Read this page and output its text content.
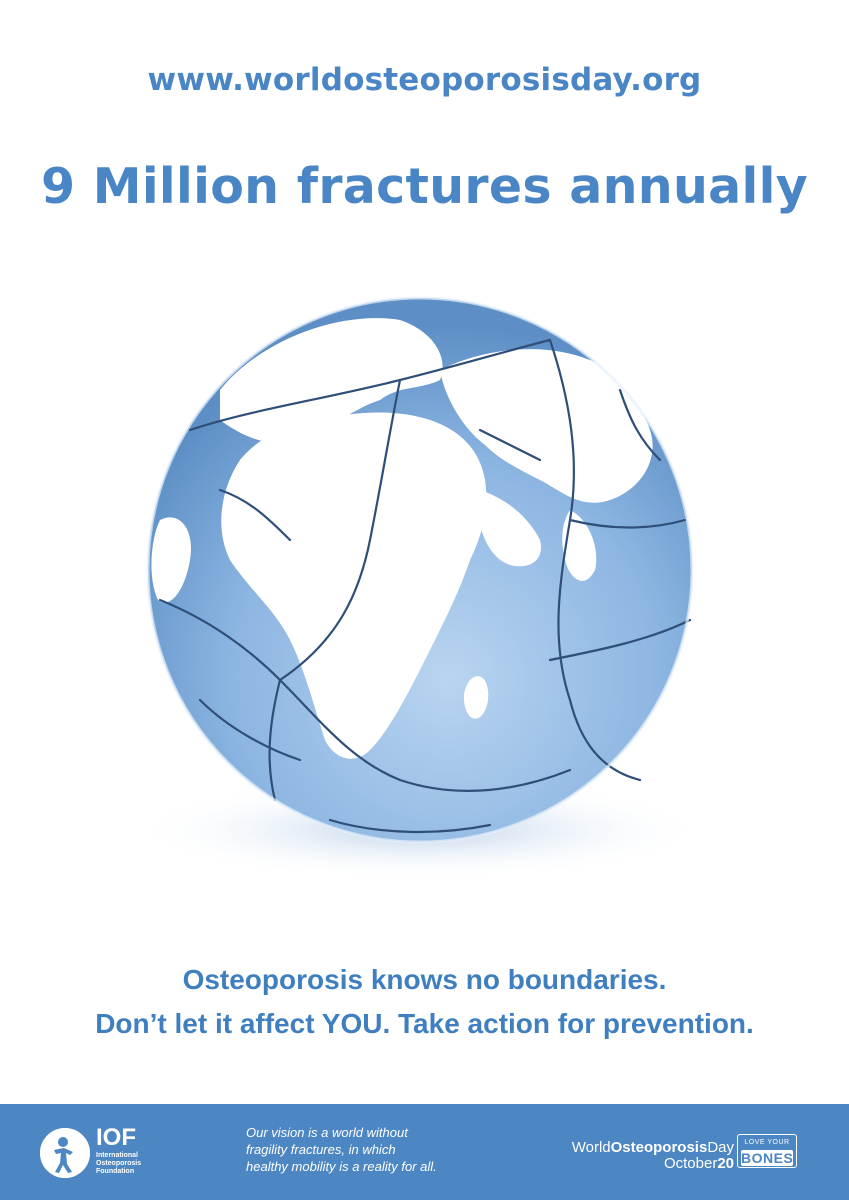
www.worldosteoporosisday.org
9 Million fractures annually
Osteoporosis knows no boundaries.
Don’t let it affect YOU. Take action for prevention.
IOF
International
Osteoporosis
Foundation
Our vision is a world without
fragility fractures, in which
healthy mobility is a reality for all.
WorldOsteoporosisDay
October20
LOVE YOUR
BONES
